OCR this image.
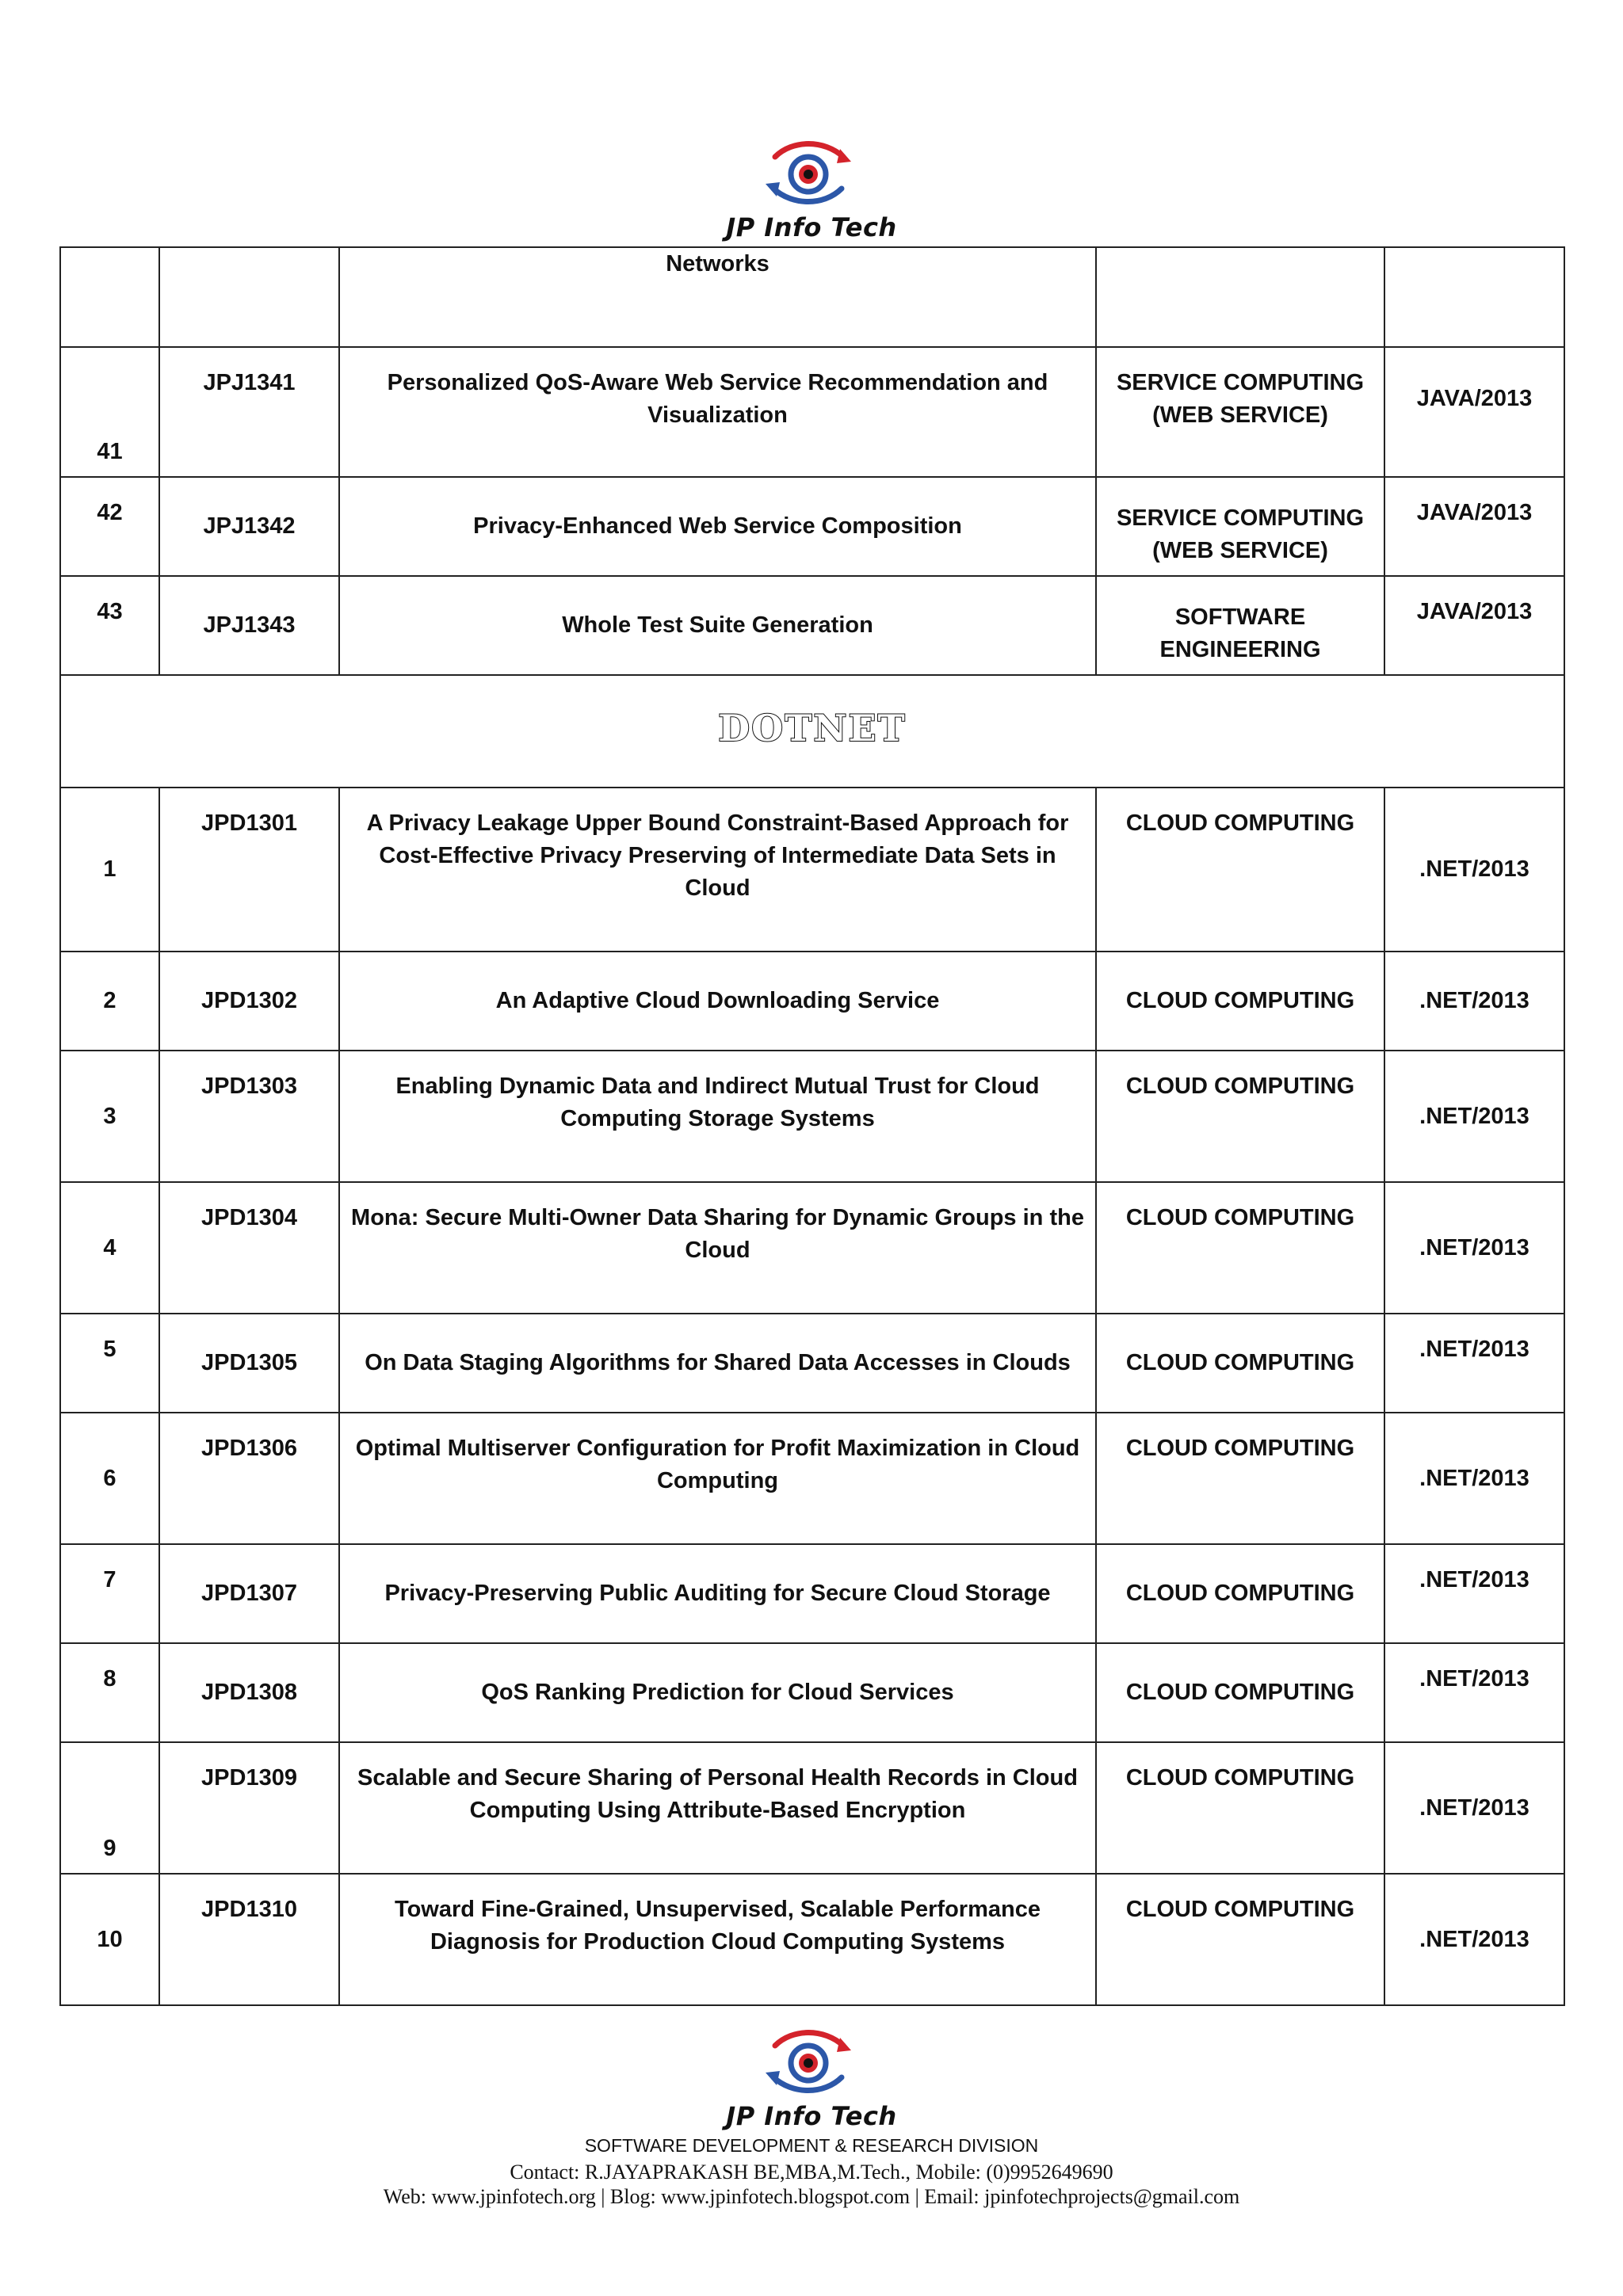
JP Info Tech
		Networks		
41	JPJ1341	Personalized QoS-Aware Web Service Recommendation and Visualization	SERVICE COMPUTING (WEB SERVICE)	JAVA/2013
42	JPJ1342	Privacy-Enhanced Web Service Composition	SERVICE COMPUTING (WEB SERVICE)	JAVA/2013
43	JPJ1343	Whole Test Suite Generation	SOFTWARE ENGINEERING	JAVA/2013
DOTNET				
1	JPD1301	A Privacy Leakage Upper Bound Constraint-Based Approach for Cost-Effective Privacy Preserving of Intermediate Data Sets in Cloud	CLOUD COMPUTING	.NET/2013
2	JPD1302	An Adaptive Cloud Downloading Service	CLOUD COMPUTING	.NET/2013
3	JPD1303	Enabling Dynamic Data and Indirect Mutual Trust for Cloud Computing Storage Systems	CLOUD COMPUTING	.NET/2013
4	JPD1304	Mona: Secure Multi-Owner Data Sharing for Dynamic Groups in the Cloud	CLOUD COMPUTING	.NET/2013
5	JPD1305	On Data Staging Algorithms for Shared Data Accesses in Clouds	CLOUD COMPUTING	.NET/2013
6	JPD1306	Optimal Multiserver Configuration for Profit Maximization in Cloud Computing	CLOUD COMPUTING	.NET/2013
7	JPD1307	Privacy-Preserving Public Auditing for Secure Cloud Storage	CLOUD COMPUTING	.NET/2013
8	JPD1308	QoS Ranking Prediction for Cloud Services	CLOUD COMPUTING	.NET/2013
9	JPD1309	Scalable and Secure Sharing of Personal Health Records in Cloud Computing Using Attribute-Based Encryption	CLOUD COMPUTING	.NET/2013
10	JPD1310	Toward Fine-Grained, Unsupervised, Scalable Performance Diagnosis for Production Cloud Computing Systems	CLOUD COMPUTING	.NET/2013
JP Info Tech
SOFTWARE DEVELOPMENT & RESEARCH DIVISION
Contact: R.JAYAPRAKASH BE,MBA,M.Tech., Mobile: (0)9952649690
Web: www.jpinfotech.org | Blog: www.jpinfotech.blogspot.com | Email: jpinfotechprojects@gmail.com
